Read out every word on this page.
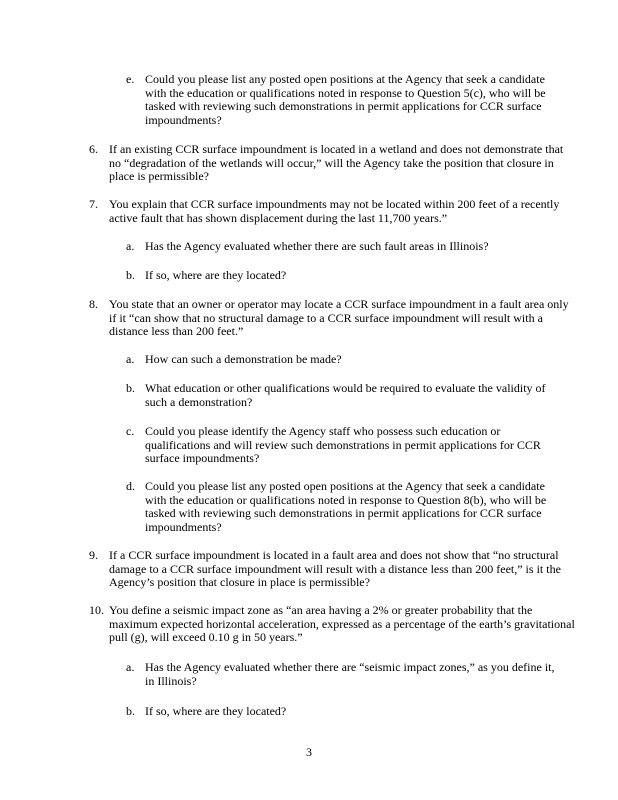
e. Could you please list any posted open positions at the Agency that seek a candidate with the education or qualifications noted in response to Question 5(c), who will be tasked with reviewing such demonstrations in permit applications for CCR surface impoundments?

6. If an existing CCR surface impoundment is located in a wetland and does not demonstrate that no “degradation of the wetlands will occur,” will the Agency take the position that closure in place is permissible?

7. You explain that CCR surface impoundments may not be located within 200 feet of a recently active fault that has shown displacement during the last 11,700 years.”

a. Has the Agency evaluated whether there are such fault areas in Illinois?

b. If so, where are they located?

8. You state that an owner or operator may locate a CCR surface impoundment in a fault area only if it “can show that no structural damage to a CCR surface impoundment will result with a distance less than 200 feet.”

a. How can such a demonstration be made?

b. What education or other qualifications would be required to evaluate the validity of such a demonstration?

c. Could you please identify the Agency staff who possess such education or qualifications and will review such demonstrations in permit applications for CCR surface impoundments?

d. Could you please list any posted open positions at the Agency that seek a candidate with the education or qualifications noted in response to Question 8(b), who will be tasked with reviewing such demonstrations in permit applications for CCR surface impoundments?

9. If a CCR surface impoundment is located in a fault area and does not show that “no structural damage to a CCR surface impoundment will result with a distance less than 200 feet,” is it the Agency’s position that closure in place is permissible?

10. You define a seismic impact zone as “an area having a 2% or greater probability that the maximum expected horizontal acceleration, expressed as a percentage of the earth’s gravitational pull (g), will exceed 0.10 g in 50 years.”

a. Has the Agency evaluated whether there are “seismic impact zones,” as you define it, in Illinois?

b. If so, where are they located?

3
